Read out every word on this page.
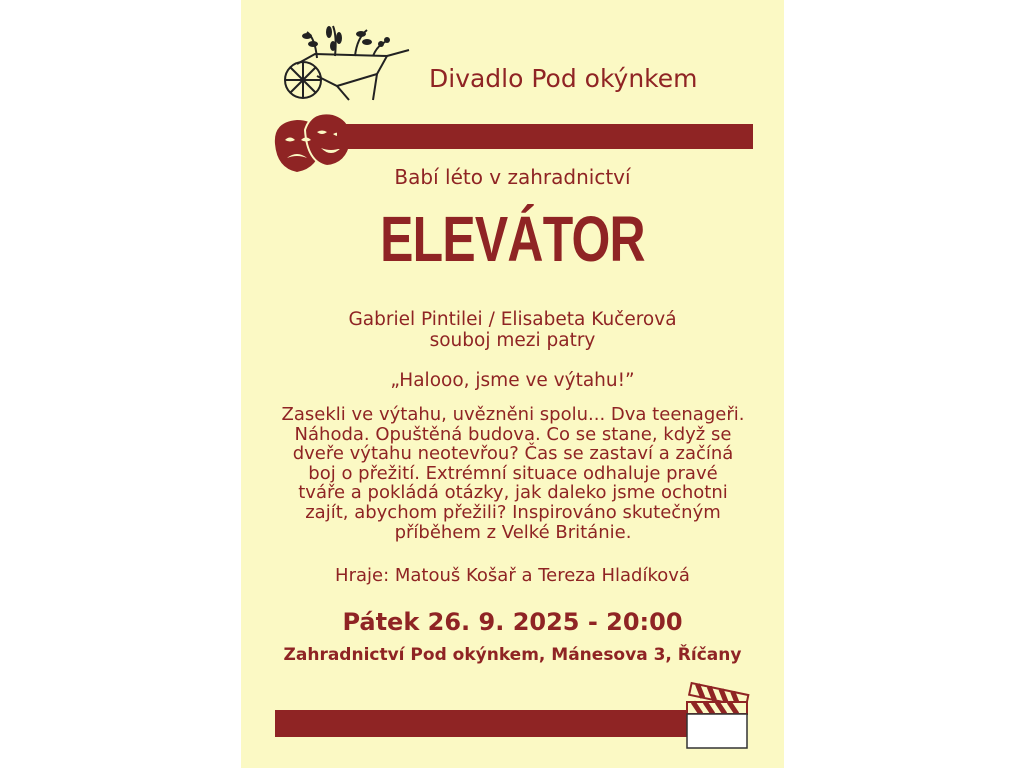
Divadlo Pod okýnkem
Babí léto v zahradnictví
ELEVÁTOR
Gabriel Pintilei / Elisabeta Kučerová
souboj mezi patry
„Halooo, jsme ve výtahu!”
Zasekli ve výtahu, uvězněni spolu... Dva teenageři.
Náhoda. Opuštěná budova. Co se stane, když se
dveře výtahu neotevřou? Čas se zastaví a začíná
boj o přežití. Extrémní situace odhaluje pravé
tváře a pokládá otázky, jak daleko jsme ochotni
zajít, abychom přežili? Inspirováno skutečným
příběhem z Velké Británie.
Hraje: Matouš Košař a Tereza Hladíková
Pátek 26. 9. 2025 - 20:00
Zahradnictví Pod okýnkem, Mánesova 3, Říčany
